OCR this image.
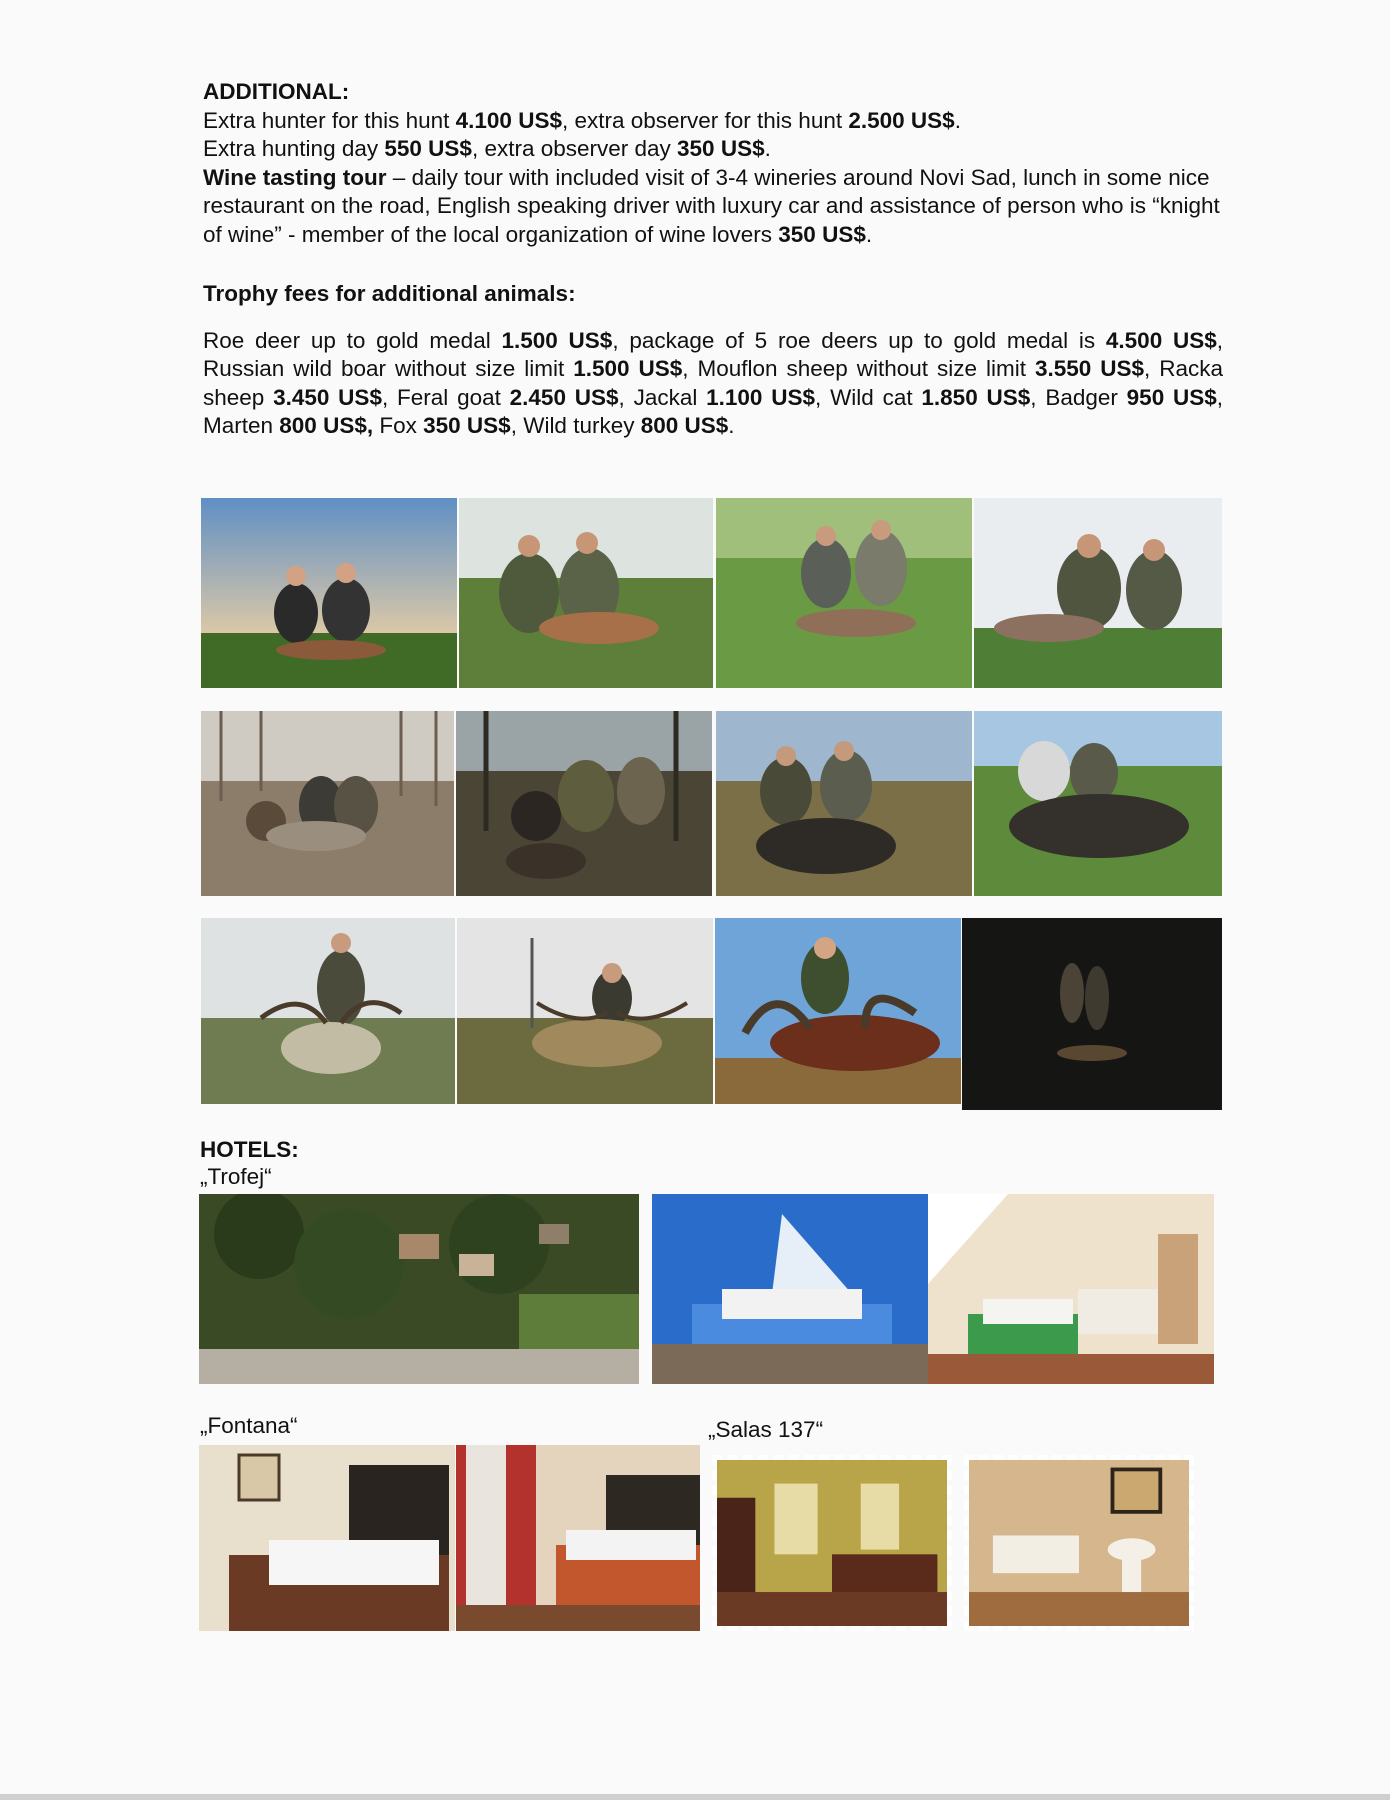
ADDITIONAL:

Extra hunter for this hunt 4.100 US$, extra observer for this hunt 2.500 US$.

Extra hunting day 550 US$, extra observer day 350 US$.

Wine tasting tour – daily tour with included visit of 3-4 wineries around Novi Sad, lunch in some nice restaurant on the road, English speaking driver with luxury car and assistance of person who is “knight of wine” - member of the local organization of wine lovers 350 US$.

Trophy fees for additional animals:

Roe deer up to gold medal 1.500 US$, package of 5 roe deers up to gold medal is 4.500 US$, Russian wild boar without size limit 1.500 US$, Mouflon sheep without size limit 3.550 US$, Racka sheep 3.450 US$, Feral goat 2.450 US$, Jackal 1.100 US$, Wild cat 1.850 US$, Badger 950 US$, Marten 800 US$, Fox 350 US$, Wild turkey 800 US$.

HOTELS:
„Trofej“
„Fontana“	„Salas 137“
